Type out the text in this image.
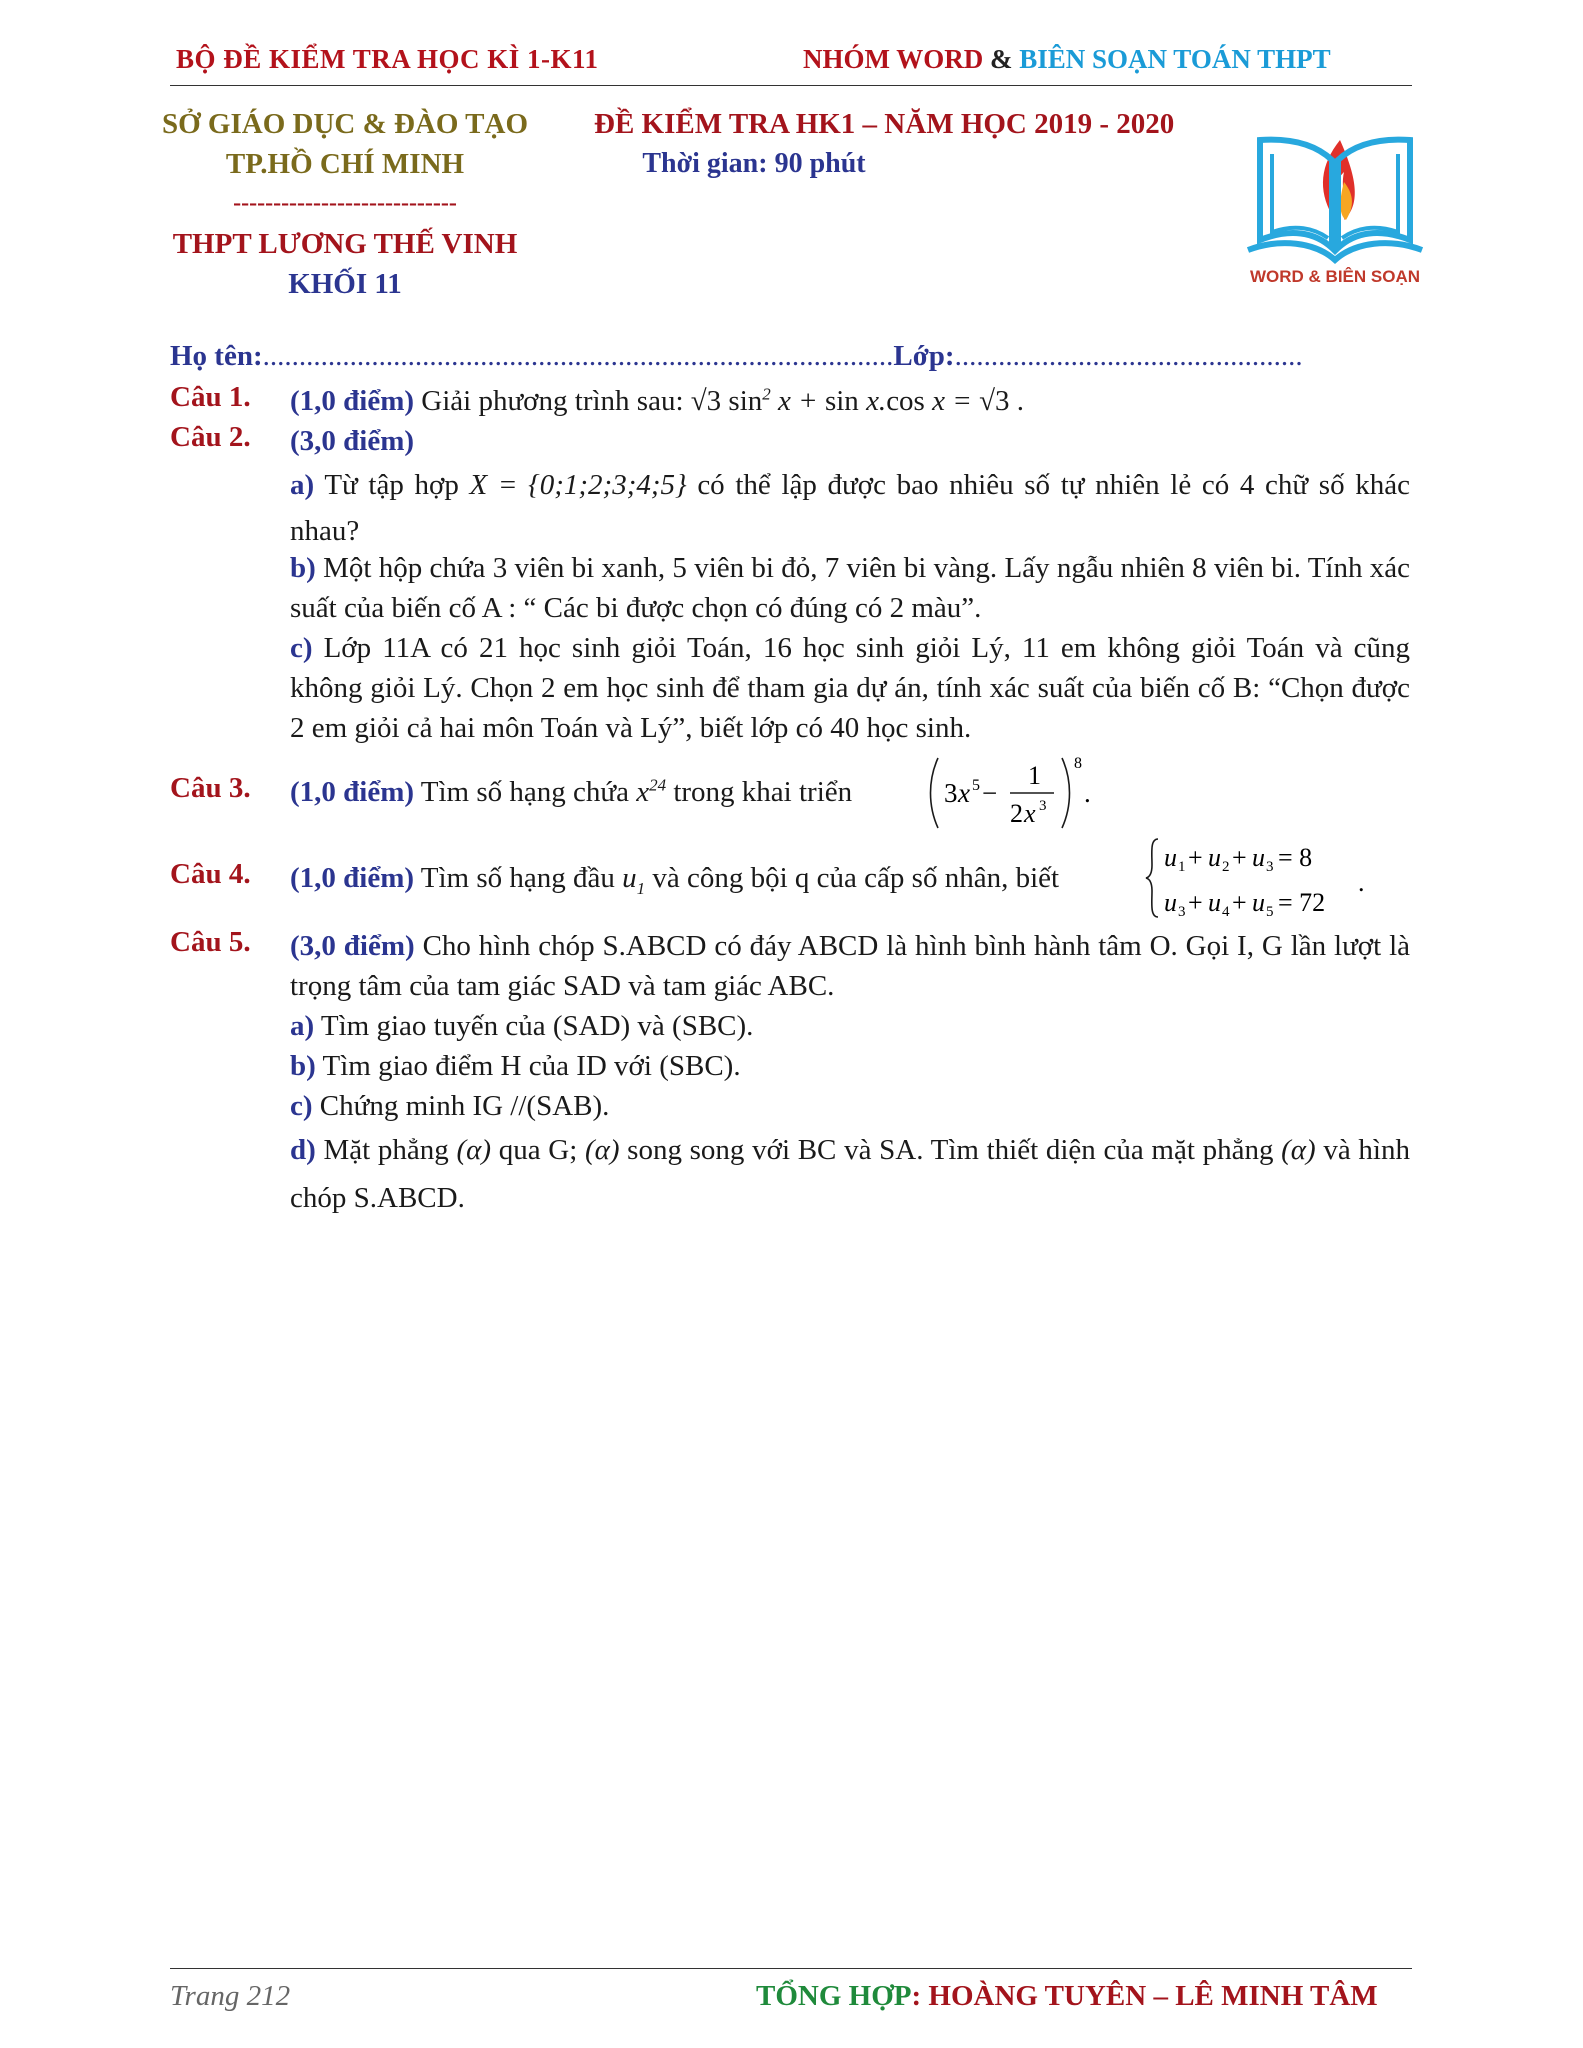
BỘ ĐỀ KIỂM TRA HỌC KÌ 1-K11	NHÓM WORD & BIÊN SOẠN TOÁN THPT
SỞ GIÁO DỤC & ĐÀO TẠO
TP.HỒ CHÍ MINH
----------------------------
THPT LƯƠNG THẾ VINH
KHỐI 11
ĐỀ KIỂM TRA HK1 – NĂM HỌC 2019 - 2020
Thời gian: 90 phút
WORD & BIÊN SOẠN
Họ tên:.......................................................................................Lớp:................................................
Câu 1. (1,0 điểm) Giải phương trình sau: √3 $\sin^2 x + \sin x.\cos$ x = √3 .
Câu 2. (3,0 điểm)
a) Từ tập hợp X = {0;1;2;3;4;5} có thể lập được bao nhiêu số tự nhiên lẻ có 4 chữ số khác nhau?
b) Một hộp chứa 3 viên bi xanh, 5 viên bi đỏ, 7 viên bi vàng. Lấy ngẫu nhiên 8 viên bi. Tính xác suất của biến cố A : “ Các bi được chọn có đúng có 2 màu”.
c) Lớp 11A có 21 học sinh giỏi Toán, 16 học sinh giỏi Lý, 11 em không giỏi Toán và cũng không giỏi Lý. Chọn 2 em học sinh để tham gia dự án, tính xác suất của biến cố B: “Chọn được 2 em giỏi cả hai môn Toán và Lý”, biết lớp có 40 học sinh.
Câu 3. (1,0 điểm) Tìm số hạng chứa $x^{24}$ trong khai triển	3 x 5 −
1
2 x 3
8
.
Câu 4. (1,0 điểm) Tìm số hạng đầu $u_1$ và công bội q của cấp số nhân, biết
u 1 + u 2 + u 3 = 8
u 3 + u 4 + u 5 = 72
.
Câu 5. (3,0 điểm) Cho hình chóp S.ABCD có đáy ABCD là hình bình hành tâm O. Gọi I, G lần lượt là trọng tâm của tam giác SAD và tam giác ABC.
a) Tìm giao tuyến của (SAD) và (SBC).
b) Tìm giao điểm H của ID với (SBC).
c) Chứng minh IG //(SAB).
d) Mặt phẳng (α) qua G; (α) song song với BC và SA. Tìm thiết diện của mặt phẳng (α) và hình chóp S.ABCD.
Trang 212	TỔNG HỢP: HOÀNG TUYÊN – LÊ MINH TÂM
